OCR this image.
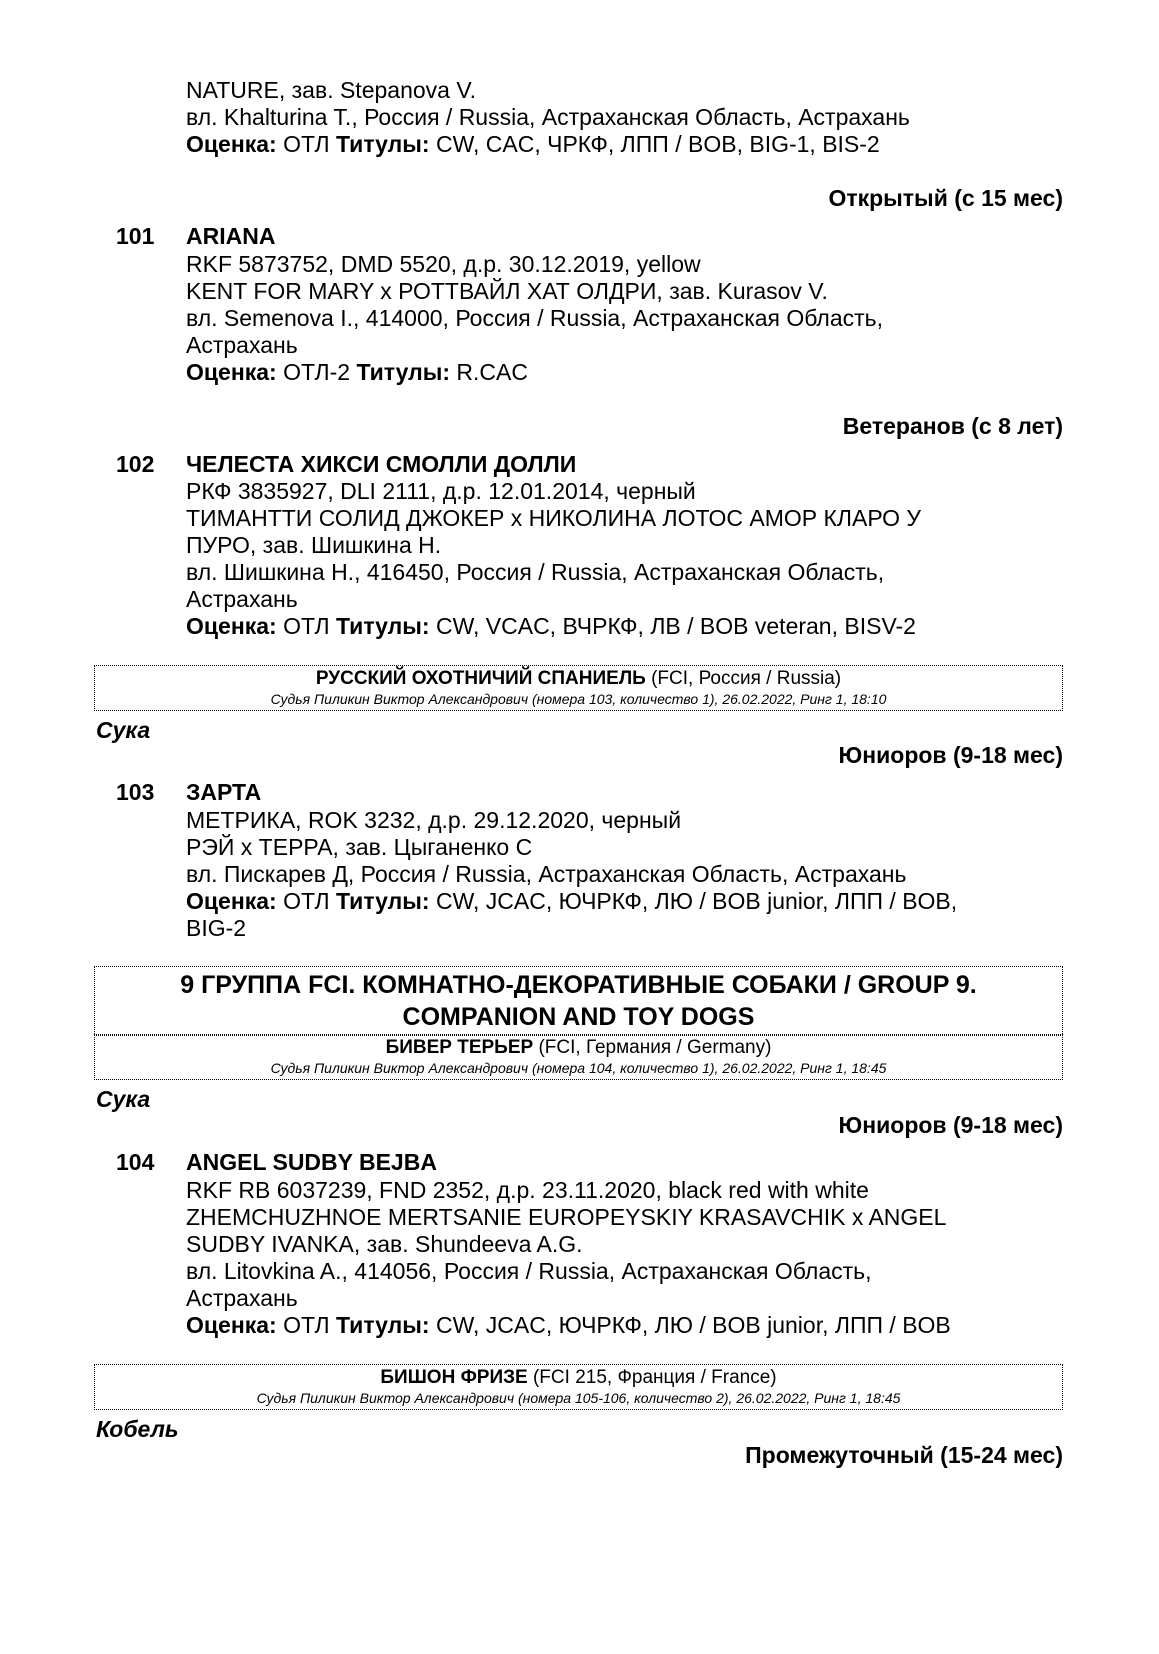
NATURE, зав. Stepanova V.
вл. Khalturina T., Россия / Russia, Астраханская Область, Астрахань
Оценка: ОТЛ Титулы: CW, CAC, ЧРКФ, ЛПП / BOB, BIG-1, BIS-2
Открытый (с 15 мес)
101 ARIANA
RKF 5873752, DMD 5520, д.р. 30.12.2019, yellow
KENT FOR MARY x РОТТВАЙЛ ХАТ ОЛДРИ, зав. Kurasov V.
вл. Semenova I., 414000, Россия / Russia, Астраханская Область,
Астрахань
Оценка: ОТЛ-2 Титулы: R.CAC
Ветеранов (с 8 лет)
102 ЧЕЛЕСТА ХИКСИ СМОЛЛИ ДОЛЛИ
РКФ 3835927, DLI 2111, д.р. 12.01.2014, черный
ТИМАНТТИ СОЛИД ДЖОКЕР x НИКОЛИНА ЛОТОС АМОР КЛАРО У
ПУРО, зав. Шишкина Н.
вл. Шишкина Н., 416450, Россия / Russia, Астраханская Область,
Астрахань
Оценка: ОТЛ Титулы: CW, VCAC, ВЧРКФ, ЛВ / BOB veteran, BISV-2
РУССКИЙ ОХОТНИЧИЙ СПАНИЕЛЬ (FCI, Россия / Russia)
Судья Пиликин Виктор Александрович (номера 103, количество 1), 26.02.2022, Ринг 1, 18:10
Сука
Юниоров (9-18 мес)
103 ЗАРТА
МЕТРИКА, ROK 3232, д.р. 29.12.2020, черный
РЭЙ x ТЕРРА, зав. Цыганенко С
вл. Пискарев Д, Россия / Russia, Астраханская Область, Астрахань
Оценка: ОТЛ Титулы: CW, JCAC, ЮЧРКФ, ЛЮ / BOB junior, ЛПП / BOB,
BIG-2
9 ГРУППА FCI. КОМНАТНО-ДЕКОРАТИВНЫЕ СОБАКИ / GROUP 9.
COMPANION AND TOY DOGS
БИВЕР ТЕРЬЕР (FCI, Германия / Germany)
Судья Пиликин Виктор Александрович (номера 104, количество 1), 26.02.2022, Ринг 1, 18:45
Сука
Юниоров (9-18 мес)
104 ANGEL SUDBY BEJBA
RKF RB 6037239, FND 2352, д.р. 23.11.2020, black red with white
ZHEMCHUZHNOE MERTSANIE EUROPEYSKIY KRASAVCHIK x ANGEL
SUDBY IVANKA, зав. Shundeeva A.G.
вл. Litovkina A., 414056, Россия / Russia, Астраханская Область,
Астрахань
Оценка: ОТЛ Титулы: CW, JCAC, ЮЧРКФ, ЛЮ / BOB junior, ЛПП / BOB
БИШОН ФРИЗЕ (FCI 215, Франция / France)
Судья Пиликин Виктор Александрович (номера 105-106, количество 2), 26.02.2022, Ринг 1, 18:45
Кобель
Промежуточный (15-24 мес)
